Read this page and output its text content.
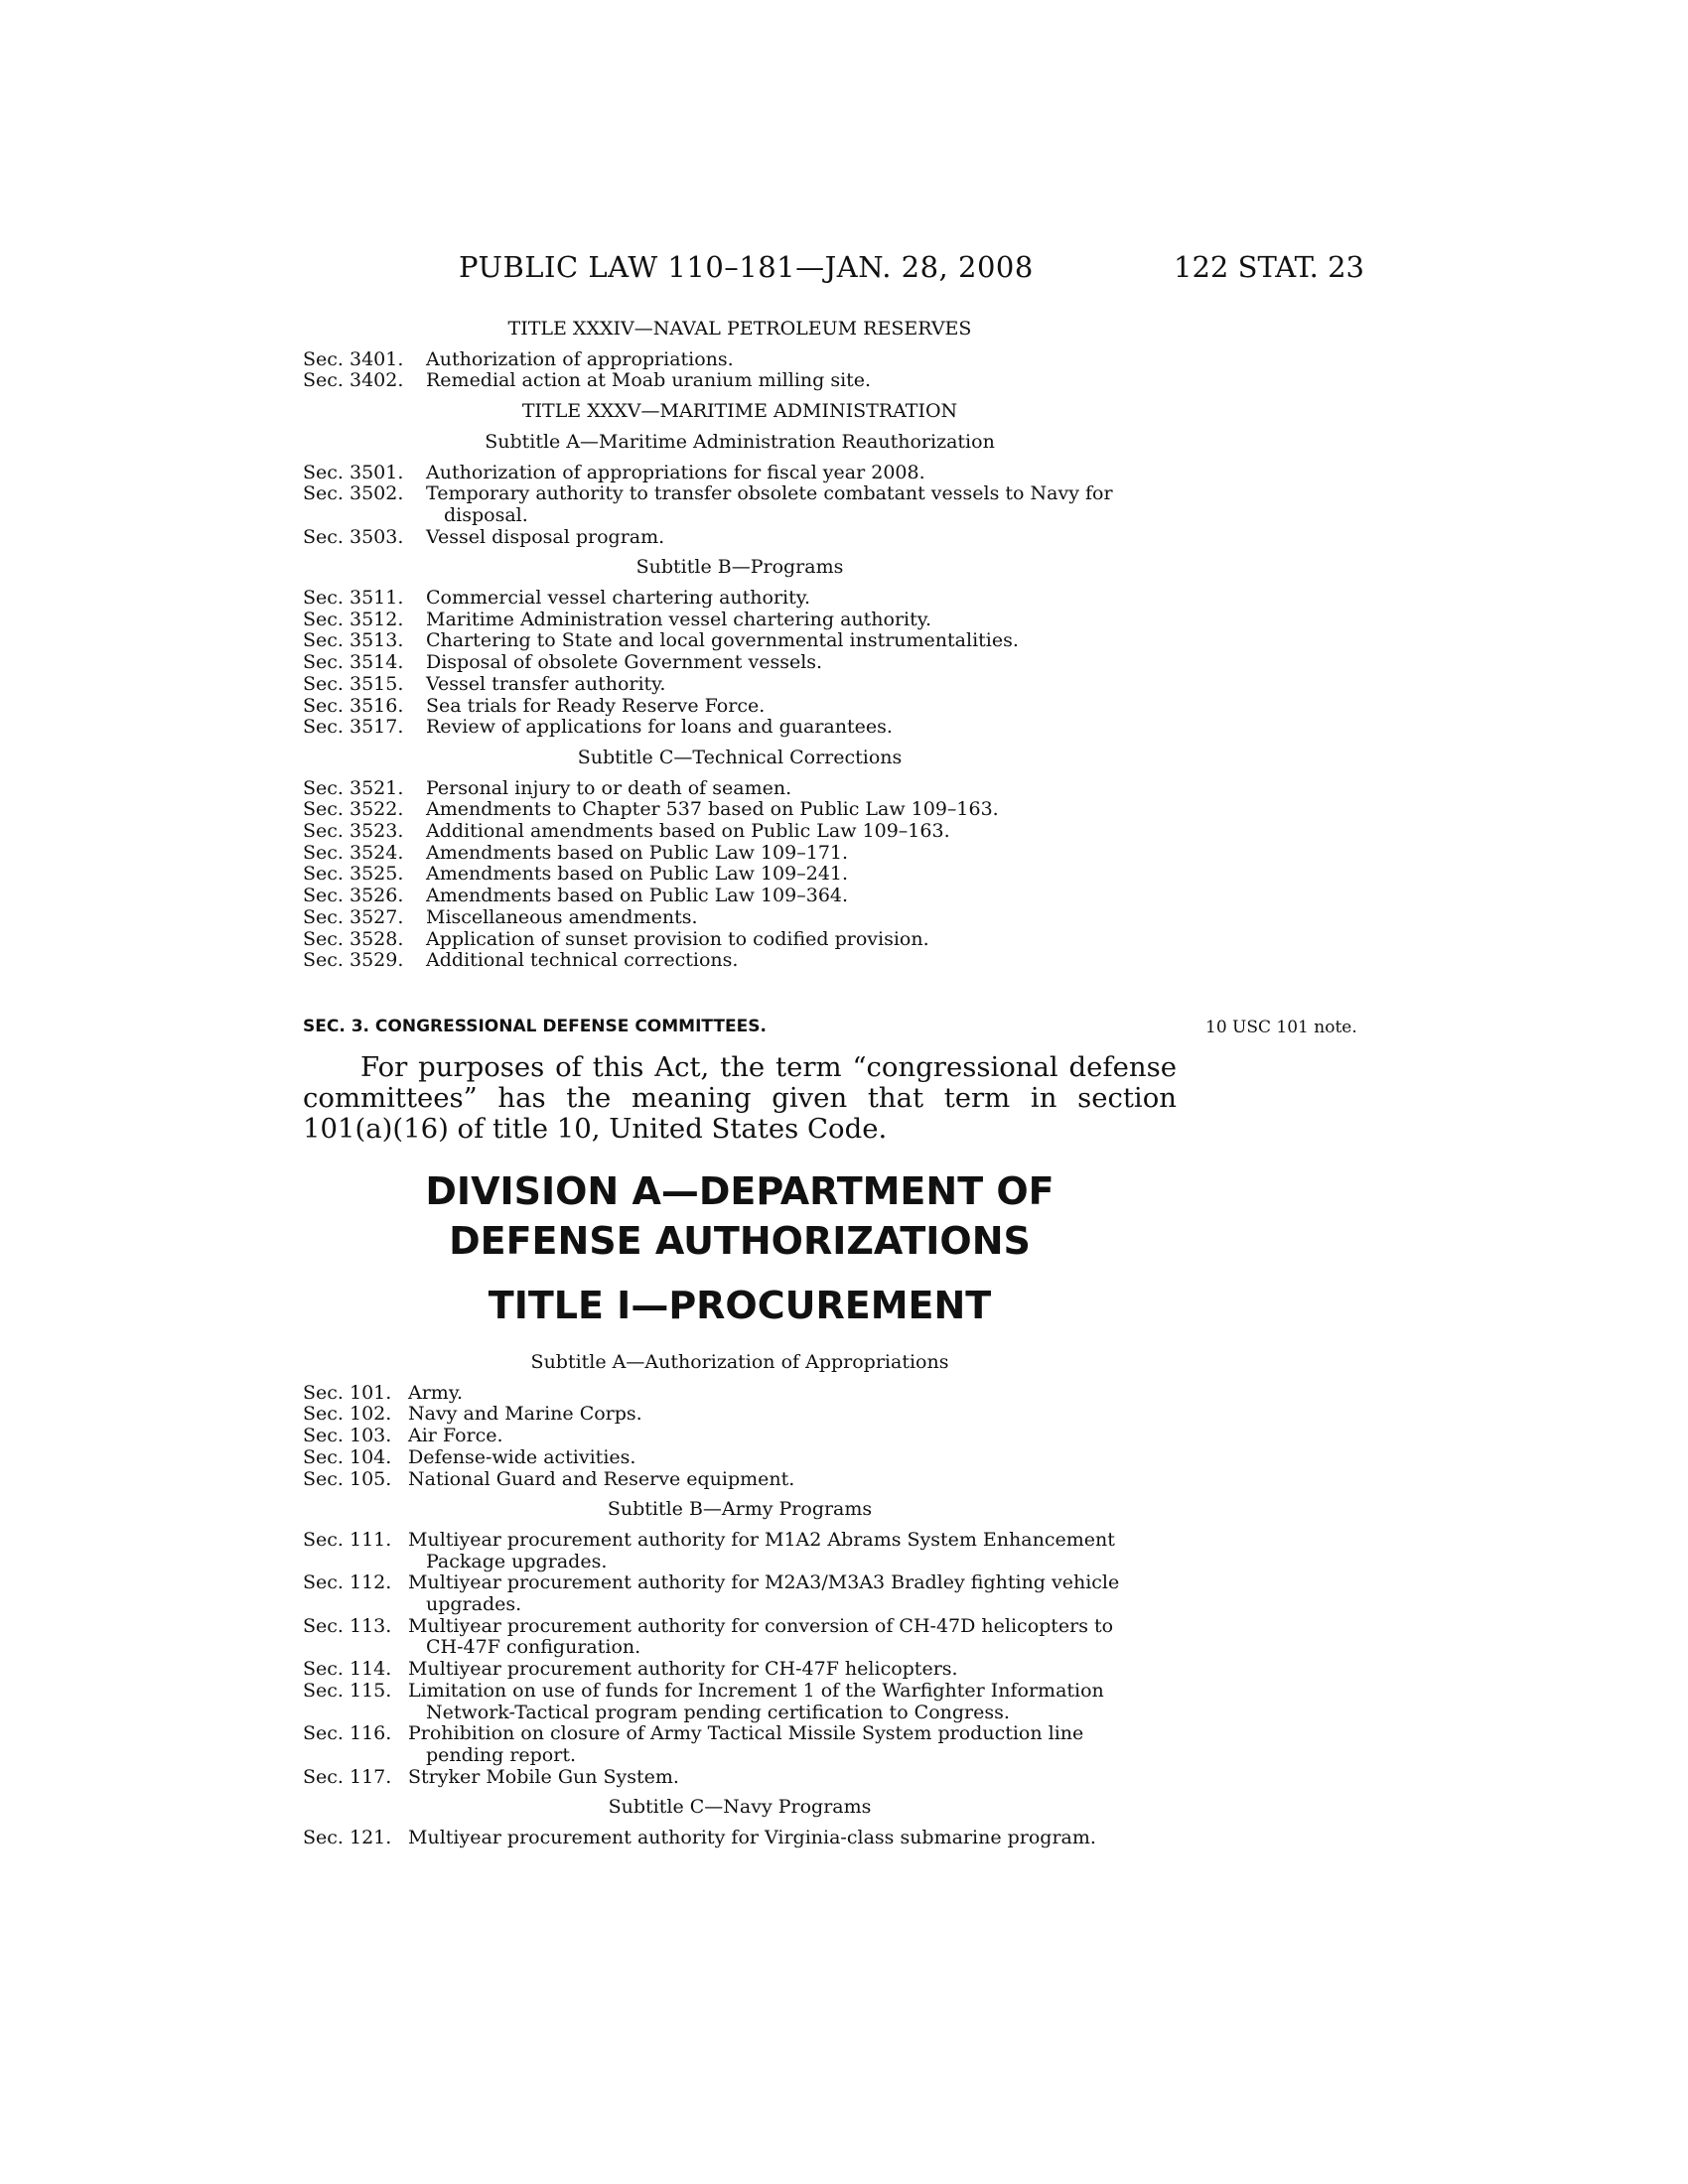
PUBLIC LAW 110–181—JAN. 28, 2008	122 STAT. 23
TITLE XXXIV—NAVAL PETROLEUM RESERVES
Sec. 3401.	Authorization of appropriations.
Sec. 3402.	Remedial action at Moab uranium milling site.
TITLE XXXV—MARITIME ADMINISTRATION
Subtitle A—Maritime Administration Reauthorization
Sec. 3501.	Authorization of appropriations for fiscal year 2008.
Sec. 3502.	Temporary authority to transfer obsolete combatant vessels to Navy for
disposal.
Sec. 3503.	Vessel disposal program.
Subtitle B—Programs
Sec. 3511.	Commercial vessel chartering authority.
Sec. 3512.	Maritime Administration vessel chartering authority.
Sec. 3513.	Chartering to State and local governmental instrumentalities.
Sec. 3514.	Disposal of obsolete Government vessels.
Sec. 3515.	Vessel transfer authority.
Sec. 3516.	Sea trials for Ready Reserve Force.
Sec. 3517.	Review of applications for loans and guarantees.
Subtitle C—Technical Corrections
Sec. 3521.	Personal injury to or death of seamen.
Sec. 3522.	Amendments to Chapter 537 based on Public Law 109–163.
Sec. 3523.	Additional amendments based on Public Law 109–163.
Sec. 3524.	Amendments based on Public Law 109–171.
Sec. 3525.	Amendments based on Public Law 109–241.
Sec. 3526.	Amendments based on Public Law 109–364.
Sec. 3527.	Miscellaneous amendments.
Sec. 3528.	Application of sunset provision to codified provision.
Sec. 3529.	Additional technical corrections.
SEC. 3. CONGRESSIONAL DEFENSE COMMITTEES.	10 USC 101 note.
For purposes of this Act, the term “congressional defense committees” has the meaning given that term in section 101(a)(16) of title 10, United States Code.
DIVISION A—DEPARTMENT OF
DEFENSE AUTHORIZATIONS
TITLE I—PROCUREMENT
Subtitle A—Authorization of Appropriations
Sec. 101. Army.
Sec. 102. Navy and Marine Corps.
Sec. 103. Air Force.
Sec. 104. Defense-wide activities.
Sec. 105. National Guard and Reserve equipment.
Subtitle B—Army Programs
Sec. 111. Multiyear procurement authority for M1A2 Abrams System Enhancement
Package upgrades.
Sec. 112. Multiyear procurement authority for M2A3/M3A3 Bradley fighting vehicle
upgrades.
Sec. 113. Multiyear procurement authority for conversion of CH-47D helicopters to
CH-47F configuration.
Sec. 114. Multiyear procurement authority for CH-47F helicopters.
Sec. 115. Limitation on use of funds for Increment 1 of the Warfighter Information
Network-Tactical program pending certification to Congress.
Sec. 116. Prohibition on closure of Army Tactical Missile System production line
pending report.
Sec. 117. Stryker Mobile Gun System.
Subtitle C—Navy Programs
Sec. 121. Multiyear procurement authority for Virginia-class submarine program.
